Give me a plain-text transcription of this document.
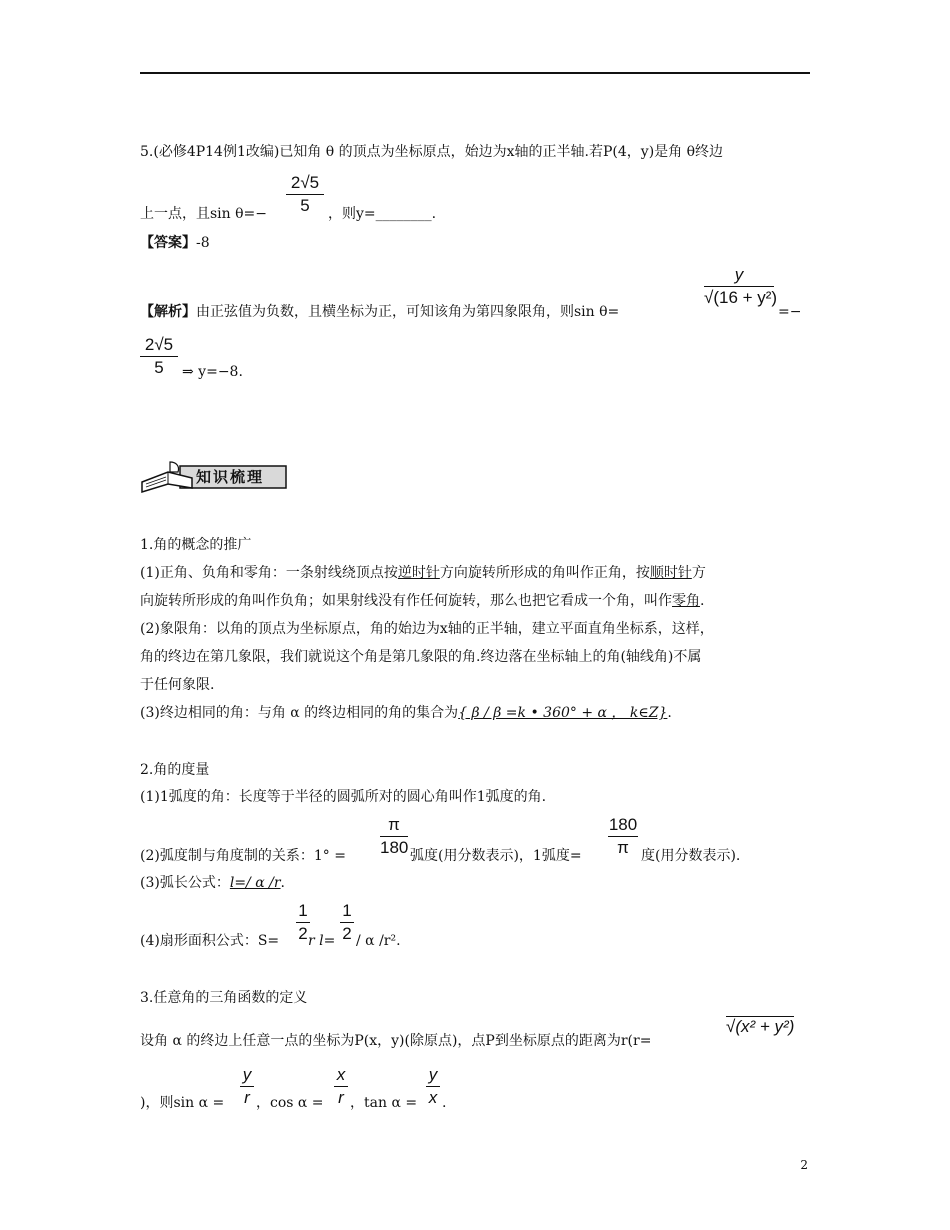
5.(必修4P14例1改编)已知角 θ 的顶点为坐标原点，始边为x轴的正半轴.若P(4，y)是角 θ终边
2√5
5
上一点，且sin θ=−	，则y=________.
【答案】-8
y
√(16 + y²)
【解析】由正弦值为负数，且横坐标为正，可知该角为第四象限角，则sin θ=	=−
2√5
5	⇒ y=−8.
知识梳理
1.角的概念的推广
(1)正角、负角和零角：一条射线绕顶点按逆时针方向旋转所形成的角叫作正角，按顺时针方
向旋转所形成的角叫作负角；如果射线没有作任何旋转，那么也把它看成一个角，叫作零角.
(2)象限角：以角的顶点为坐标原点，角的始边为x轴的正半轴，建立平面直角坐标系，这样，
角的终边在第几象限，我们就说这个角是第几象限的角.终边落在坐标轴上的角(轴线角)不属
于任何象限.
(3)终边相同的角：与角 α 的终边相同的角的集合为{ β / β =k • 360° + α ， k∈Z}.
2.角的度量
(1)1弧度的角：长度等于半径的圆弧所对的圆心角叫作1弧度的角.
π
180
180
π
(2)弧度制与角度制的关系：1° =	弧度(用分数表示)，1弧度=	度(用分数表示).
(3)弧长公式：l=/ α /r.
1
2
1
2
(4)扇形面积公式：S= r l= / α /r².
3.任意角的三角函数的定义
设角 α 的终边上任意一点的坐标为P(x，y)(除原点)，点P到坐标原点的距离为r(r=
√(x² + y²)
y
r
x
r
y
x
)，则sin α = ，cos α = ，tan α = .
2
